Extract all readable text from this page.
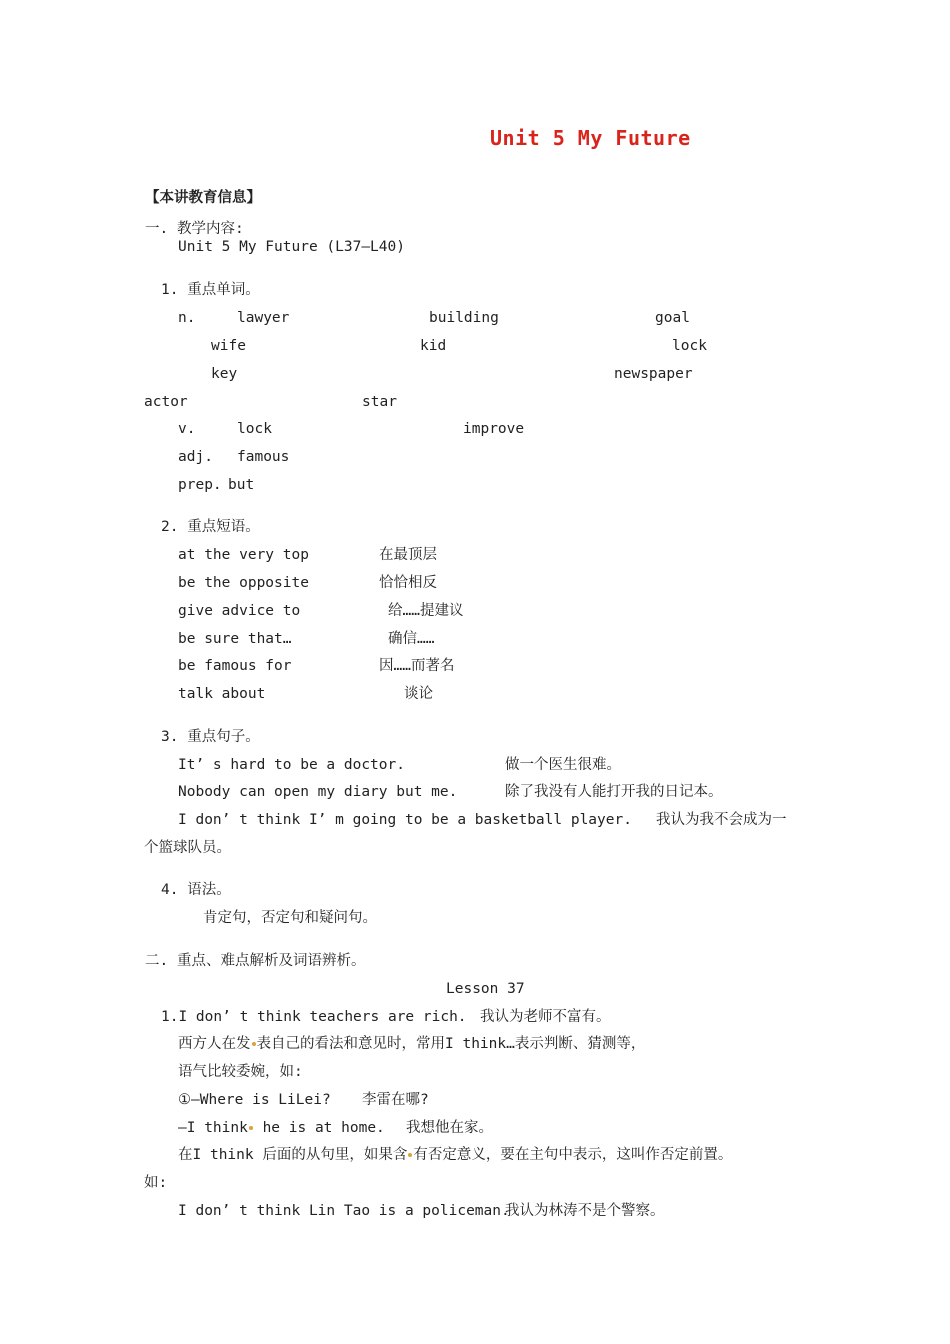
Unit 5 My Future
【本讲教育信息】
一. 教学内容:
Unit 5 My Future (L37—L40)
1. 重点单词。
n.	lawyer	building	goal
wife	kid	lock
key	newspaper
actor	star
v.	lock	improve
adj. famous
prep. but
2. 重点短语。
at the very top	在最顶层
be the opposite	恰恰相反
give advice to	给……提建议
be sure that…	确信……
be famous for	因……而著名
talk about	谈论
3. 重点句子。
It’ s hard to be a doctor.	做一个医生很难。
Nobody can open my diary but me.	除了我没有人能打开我的日记本。
I don’ t think I’ m going to be a basketball player. 我认为我不会成为一
个篮球队员。
4. 语法。
肯定句，否定句和疑问句。
二. 重点、难点解析及词语辨析。
Lesson 37
1.I don’ t think teachers are rich. 我认为老师不富有。
西方人在发 表自己的看法和意见时，常用I think…表示判断、猜测等，
语气比较委婉，如:
①—Where is LiLei? 李雷在哪?
—I think he is at home. 我想他在家。
在I think 后面的从句里，如果含 有否定意义，要在主句中表示，这叫作否定前置。
如:
I don’ t think Lin Tao is a policeman.
我认为林涛不是个警察。
